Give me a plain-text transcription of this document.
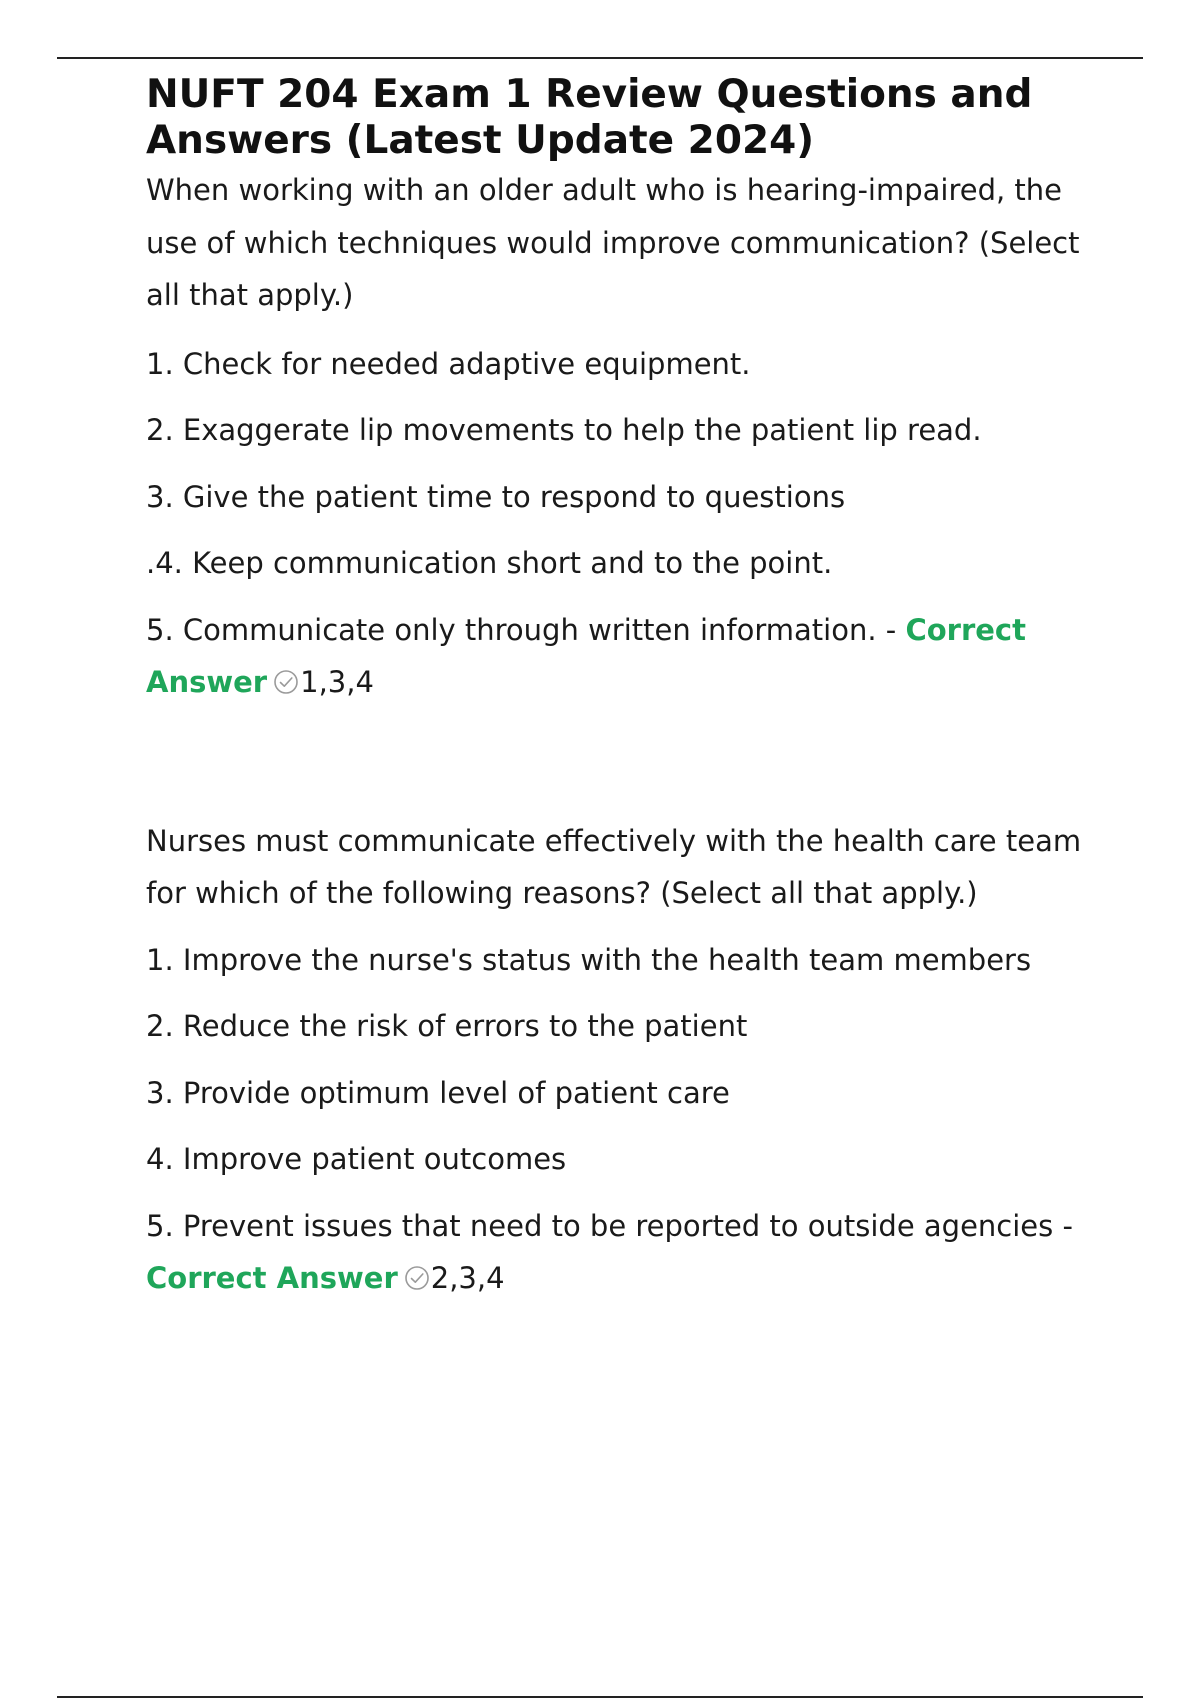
NUFT 204 Exam 1 Review Questions and Answers (Latest Update 2024)

When working with an older adult who is hearing-impaired, the use of which techniques would improve communication? (Select all that apply.)

1. Check for needed adaptive equipment.

2. Exaggerate lip movements to help the patient lip read.

3. Give the patient time to respond to questions

.4. Keep communication short and to the point.

5. Communicate only through written information. - Correct Answer 1,3,4

Nurses must communicate effectively with the health care team for which of the following reasons? (Select all that apply.)

1. Improve the nurse's status with the health team members

2. Reduce the risk of errors to the patient

3. Provide optimum level of patient care

4. Improve patient outcomes

5. Prevent issues that need to be reported to outside agencies - Correct Answer 2,3,4
